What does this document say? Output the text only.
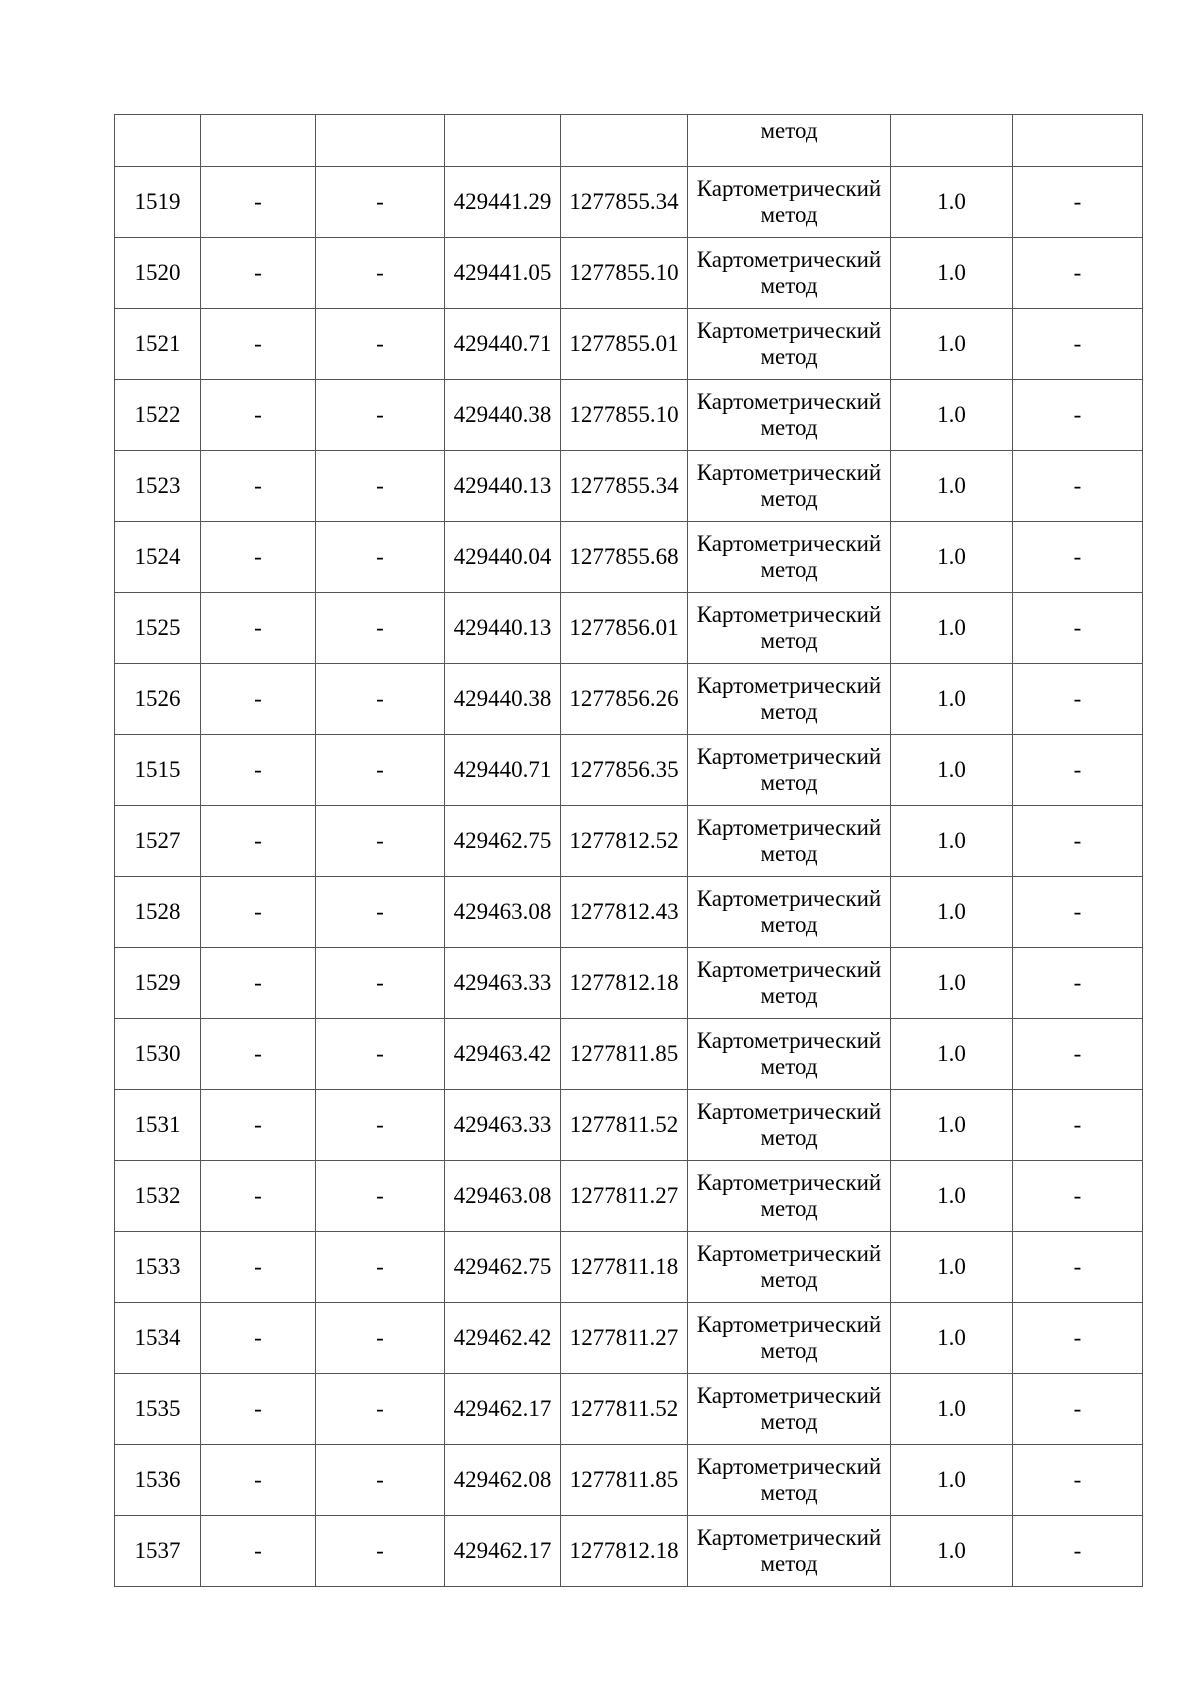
					метод		
1519	-	-	429441.29	1277855.34	Картометрический метод	1.0	-
1520	-	-	429441.05	1277855.10	Картометрический метод	1.0	-
1521	-	-	429440.71	1277855.01	Картометрический метод	1.0	-
1522	-	-	429440.38	1277855.10	Картометрический метод	1.0	-
1523	-	-	429440.13	1277855.34	Картометрический метод	1.0	-
1524	-	-	429440.04	1277855.68	Картометрический метод	1.0	-
1525	-	-	429440.13	1277856.01	Картометрический метод	1.0	-
1526	-	-	429440.38	1277856.26	Картометрический метод	1.0	-
1515	-	-	429440.71	1277856.35	Картометрический метод	1.0	-
1527	-	-	429462.75	1277812.52	Картометрический метод	1.0	-
1528	-	-	429463.08	1277812.43	Картометрический метод	1.0	-
1529	-	-	429463.33	1277812.18	Картометрический метод	1.0	-
1530	-	-	429463.42	1277811.85	Картометрический метод	1.0	-
1531	-	-	429463.33	1277811.52	Картометрический метод	1.0	-
1532	-	-	429463.08	1277811.27	Картометрический метод	1.0	-
1533	-	-	429462.75	1277811.18	Картометрический метод	1.0	-
1534	-	-	429462.42	1277811.27	Картометрический метод	1.0	-
1535	-	-	429462.17	1277811.52	Картометрический метод	1.0	-
1536	-	-	429462.08	1277811.85	Картометрический метод	1.0	-
1537	-	-	429462.17	1277812.18	Картометрический метод	1.0	-
